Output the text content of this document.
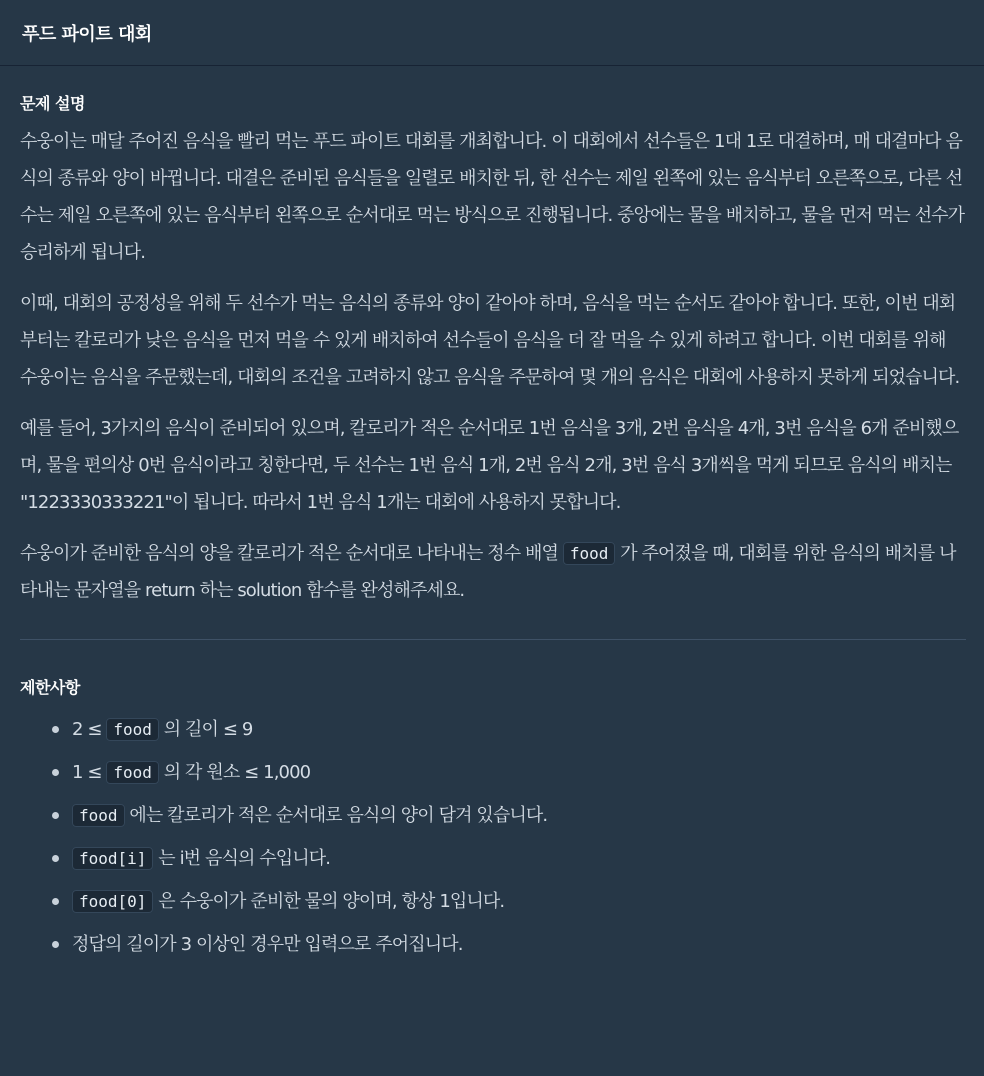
푸드 파이트 대회
문제 설명

수웅이는 매달 주어진 음식을 빨리 먹는 푸드 파이트 대회를 개최합니다. 이 대회에서 선수들은 1대 1로 대결하며, 매 대결마다 음식의 종류와 양이 바뀝니다. 대결은 준비된 음식들을 일렬로 배치한 뒤, 한 선수는 제일 왼쪽에 있는 음식부터 오른쪽으로, 다른 선수는 제일 오른쪽에 있는 음식부터 왼쪽으로 순서대로 먹는 방식으로 진행됩니다. 중앙에는 물을 배치하고, 물을 먼저 먹는 선수가 승리하게 됩니다.

이때, 대회의 공정성을 위해 두 선수가 먹는 음식의 종류와 양이 같아야 하며, 음식을 먹는 순서도 같아야 합니다. 또한, 이번 대회부터는 칼로리가 낮은 음식을 먼저 먹을 수 있게 배치하여 선수들이 음식을 더 잘 먹을 수 있게 하려고 합니다. 이번 대회를 위해 수웅이는 음식을 주문했는데, 대회의 조건을 고려하지 않고 음식을 주문하여 몇 개의 음식은 대회에 사용하지 못하게 되었습니다.

예를 들어, 3가지의 음식이 준비되어 있으며, 칼로리가 적은 순서대로 1번 음식을 3개, 2번 음식을 4개, 3번 음식을 6개 준비했으며, 물을 편의상 0번 음식이라고 칭한다면, 두 선수는 1번 음식 1개, 2번 음식 2개, 3번 음식 3개씩을 먹게 되므로 음식의 배치는 "1223330333221"이 됩니다. 따라서 1번 음식 1개는 대회에 사용하지 못합니다.

수웅이가 준비한 음식의 양을 칼로리가 적은 순서대로 나타내는 정수 배열 food 가 주어졌을 때, 대회를 위한 음식의 배치를 나타내는 문자열을 return 하는 solution 함수를 완성해주세요.

제한사항
2 ≤ food 의 길이 ≤ 9
1 ≤ food 의 각 원소 ≤ 1,000
food 에는 칼로리가 적은 순서대로 음식의 양이 담겨 있습니다.
food[i] 는 i번 음식의 수입니다.
food[0] 은 수웅이가 준비한 물의 양이며, 항상 1입니다.
정답의 길이가 3 이상인 경우만 입력으로 주어집니다.
